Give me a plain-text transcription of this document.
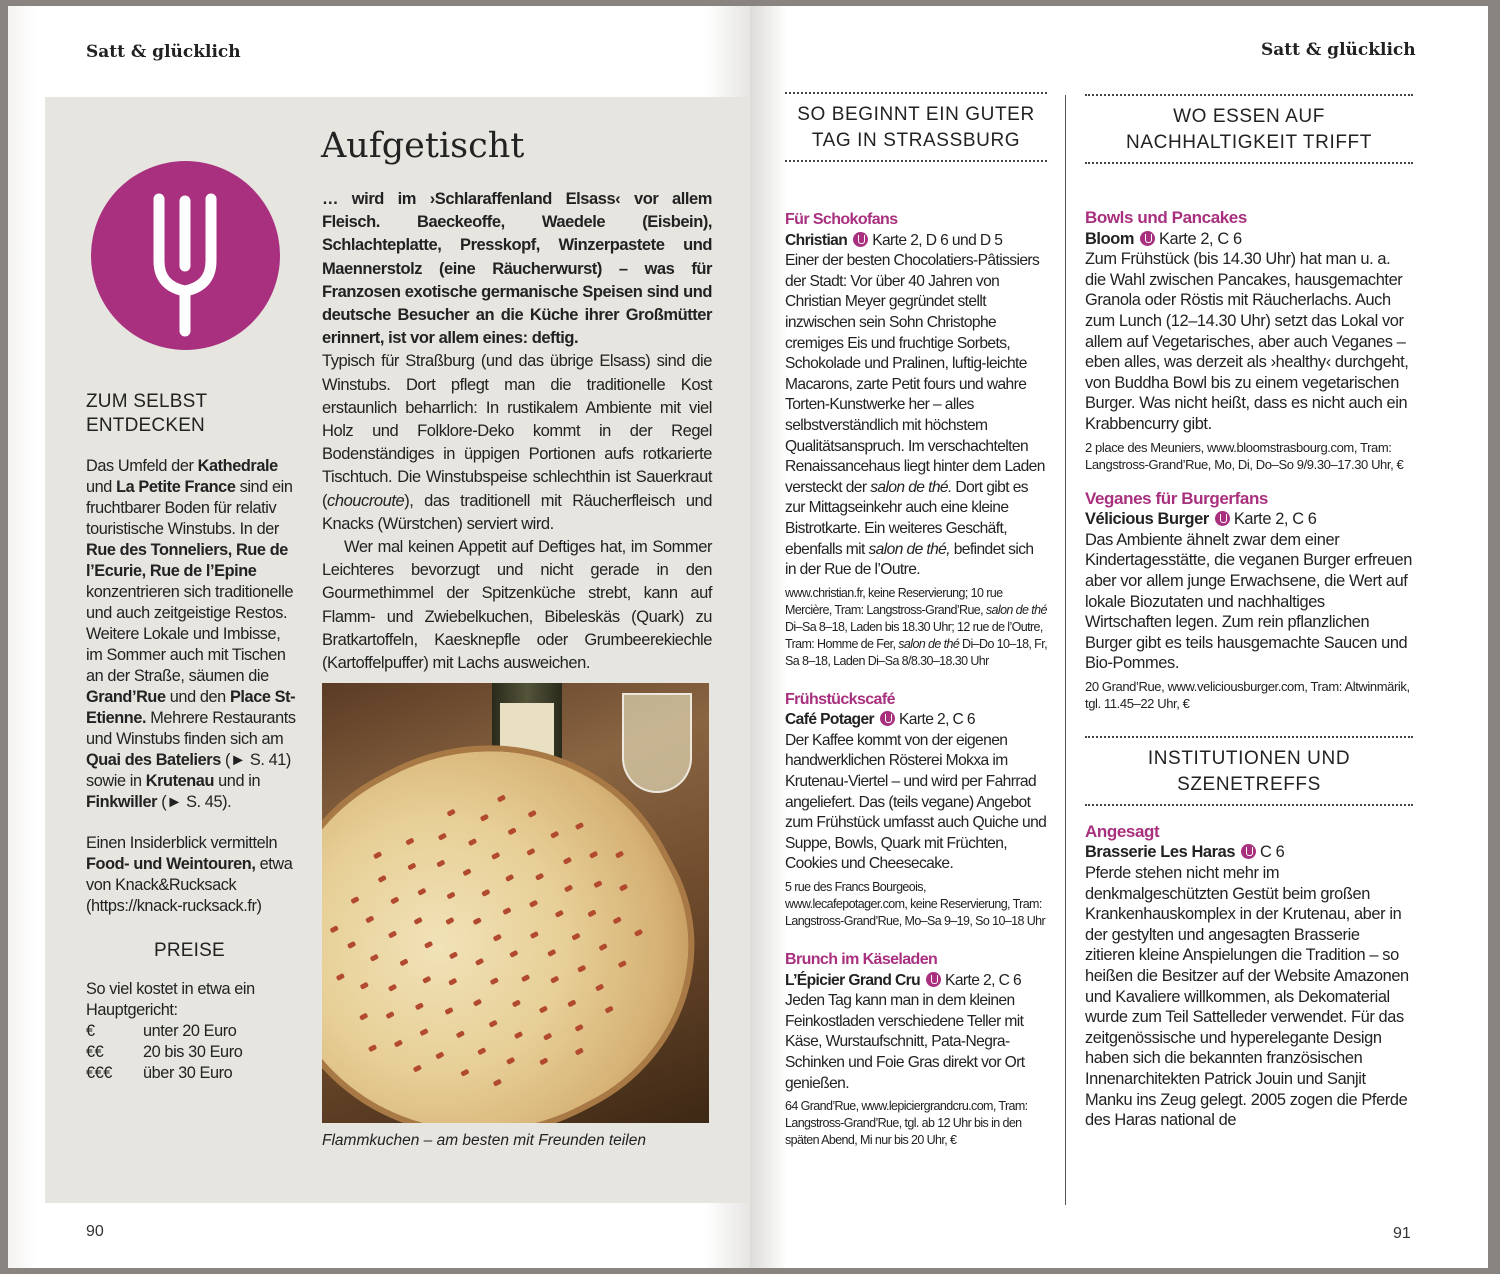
Satt & glücklich
Aufgetischt
… wird im ›Schlaraffenland Elsass‹ vor allem Fleisch. Baeckeoffe, Waedele (Eisbein), Schlachteplatte, Presskopf, Winzerpastete und Maennerstolz (eine Räucherwurst) – was für Franzosen exotische germanische Speisen sind und deutsche Besucher an die Küche ihrer Großmütter erinnert, ist vor allem eines: deftig.
Typisch für Straßburg (und das übrige Elsass) sind die Winstubs. Dort pflegt man die traditionelle Kost erstaunlich beharrlich: In rustikalem Ambiente mit viel Holz und Folklore-Deko kommt in der Regel Bodenständiges in üppigen Portionen aufs rotkarierte Tischtuch. Die Winstubspeise schlechthin ist Sauerkraut (choucroute), das traditionell mit Räucherfleisch und Knacks (Würstchen) serviert wird.
Wer mal keinen Appetit auf Deftiges hat, im Sommer Leichteres bevorzugt und nicht gerade in den Gourmethimmel der Spitzenküche strebt, kann auf Flamm- und Zwiebelkuchen, Bibeleskäs (Quark) zu Bratkartoffeln, Kaesknepfle oder Grumbeerekiechle (Kartoffelpuffer) mit Lachs ausweichen.
Flammkuchen – am besten mit Freunden teilen
ZUM SELBST ENTDECKEN
Das Umfeld der Kathedrale und La Petite France sind ein fruchtbarer Boden für relativ touristische Winstubs. In der Rue des Tonneliers, Rue de l’Ecurie, Rue de l’Epine konzentrieren sich traditionelle und auch zeitgeistige Restos. Weitere Lokale und Imbisse, im Sommer auch mit Tischen an der Straße, säumen die Grand’Rue und den Place St-Etienne. Mehrere Restaurants und Winstubs finden sich am Quai des Bateliers (► S. 41) sowie in Krutenau und in Finkwiller (► S. 45).
Einen Insiderblick vermitteln Food- und Weintouren, etwa von Knack&Rucksack (https://knack-rucksack.fr)
PREISE
So viel kostet in etwa ein Hauptgericht:
€	unter 20 Euro
€€ 20 bis 30 Euro
€€€ über 30 Euro
90
Satt & glücklich
SO BEGINNT EIN GUTER TAG IN STRASSBURG
WO ESSEN AUF NACHHALTIGKEIT TRIFFT
Für Schokofans
Christian Karte 2, D 6 und D 5
Einer der besten Chocolatiers-Pâtissiers der Stadt: Vor über 40 Jahren von Christian Meyer gegründet stellt inzwischen sein Sohn Christophe cremiges Eis und fruchtige Sorbets, Schokolade und Pralinen, luftig-leichte Macarons, zarte Petit fours und wahre Torten-Kunstwerke her – alles selbstverständlich mit höchstem Qualitätsanspruch. Im verschachtelten Renaissancehaus liegt hinter dem Laden versteckt der salon de thé. Dort gibt es zur Mittagseinkehr auch eine kleine Bistrotkarte. Ein weiteres Geschäft, ebenfalls mit salon de thé, befindet sich in der Rue de l’Outre.
www.christian.fr, keine Reservierung; 10 rue Mercière, Tram: Langstross-Grand’Rue, salon de thé Di–Sa 8–18, Laden bis 18.30 Uhr; 12 rue de l’Outre, Tram: Homme de Fer, salon de thé Di–Do 10–18, Fr, Sa 8–18, Laden Di–Sa 8/8.30–18.30 Uhr
Frühstückscafé
Café Potager Karte 2, C 6
Der Kaffee kommt von der eigenen handwerklichen Rösterei Mokxa im Krutenau-Viertel – und wird per Fahrrad angeliefert. Das (teils vegane) Angebot zum Frühstück umfasst auch Quiche und Suppe, Bowls, Quark mit Früchten, Cookies und Cheesecake.
5 rue des Francs Bourgeois, www.lecafepotager.com, keine Reservierung, Tram: Langstross-Grand’Rue, Mo–Sa 9–19, So 10–18 Uhr
Brunch im Käseladen
L’Épicier Grand Cru Karte 2, C 6
Jeden Tag kann man in dem kleinen Feinkostladen verschiedene Teller mit Käse, Wurstaufschnitt, Pata-Negra-Schinken und Foie Gras direkt vor Ort genießen.
64 Grand’Rue, www.lepiciergrandcru.com, Tram: Langstross-Grand’Rue, tgl. ab 12 Uhr bis in den späten Abend, Mi nur bis 20 Uhr, €
Bowls und Pancakes
Bloom Karte 2, C 6
Zum Frühstück (bis 14.30 Uhr) hat man u. a. die Wahl zwischen Pancakes, hausgemachter Granola oder Röstis mit Räucherlachs. Auch zum Lunch (12–14.30 Uhr) setzt das Lokal vor allem auf Vegetarisches, aber auch Veganes – eben alles, was derzeit als ›healthy‹ durchgeht, von Buddha Bowl bis zu einem vegetarischen Burger. Was nicht heißt, dass es nicht auch ein Krabbencurry gibt.
2 place des Meuniers, www.bloomstrasbourg.com, Tram: Langstross-Grand’Rue, Mo, Di, Do–So 9/9.30–17.30 Uhr, €
Veganes für Burgerfans
Vélicious Burger Karte 2, C 6
Das Ambiente ähnelt zwar dem einer Kindertagesstätte, die veganen Burger erfreuen aber vor allem junge Erwachsene, die Wert auf lokale Biozutaten und nachhaltiges Wirtschaften legen. Zum rein pflanzlichen Burger gibt es teils hausgemachte Saucen und Bio-Pommes.
20 Grand’Rue, www.veliciousburger.com, Tram: Altwinmärik, tgl. 11.45–22 Uhr, €
INSTITUTIONEN UND SZENETREFFS
Angesagt
Brasserie Les Haras C 6
Pferde stehen nicht mehr im denkmalgeschützten Gestüt beim großen Krankenhauskomplex in der Krutenau, aber in der gestylten und angesagten Brasserie zitieren kleine Anspielungen die Tradition – so heißen die Besitzer auf der Website Amazonen und Kavaliere willkommen, als Dekomaterial wurde zum Teil Sattelleder verwendet. Für das zeitgenössische und hyperelegante Design haben sich die bekannten französischen Innenarchitekten Patrick Jouin und Sanjit Manku ins Zeug gelegt. 2005 zogen die Pferde des Haras national de
91
